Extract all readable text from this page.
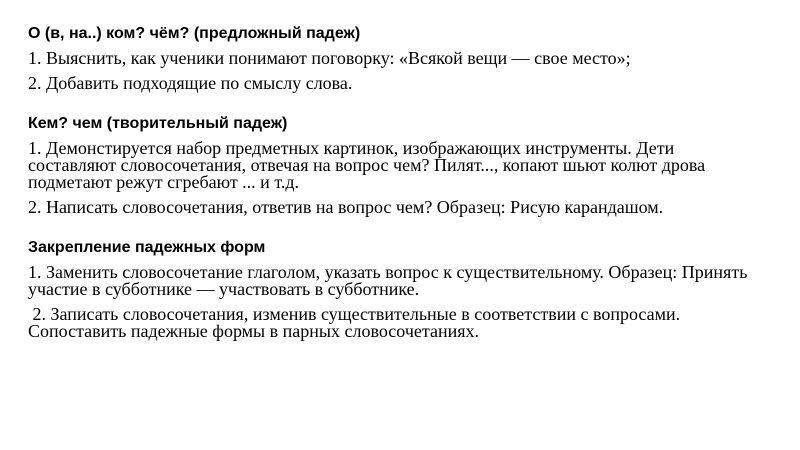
О (в, на..) ком? чём? (предложный падеж)
1. Выяснить, как ученики понимают поговорку: «Всякой вещи — свое место»;
2. Добавить подходящие по смыслу слова.
Кем? чем (творительный падеж)
1. Демонстируется набор предметных картинок, изображающих инструменты. Дети составляют словосочетания, отвечая на вопрос чем? Пилят..., копают шьют колют дрова подметают режут сгребают ... и т.д.
2. Написать словосочетания, ответив на вопрос чем? Образец: Рисую карандашом.
Закрепление падежных форм
1. Заменить словосочетание глаголом, указать вопрос к существительному. Образец: Принять участие в субботнике — участвовать в субботнике.
2. Записать словосочетания, изменив существительные в соответствии с вопросами. Сопоставить падежные формы в парных словосочетаниях.
